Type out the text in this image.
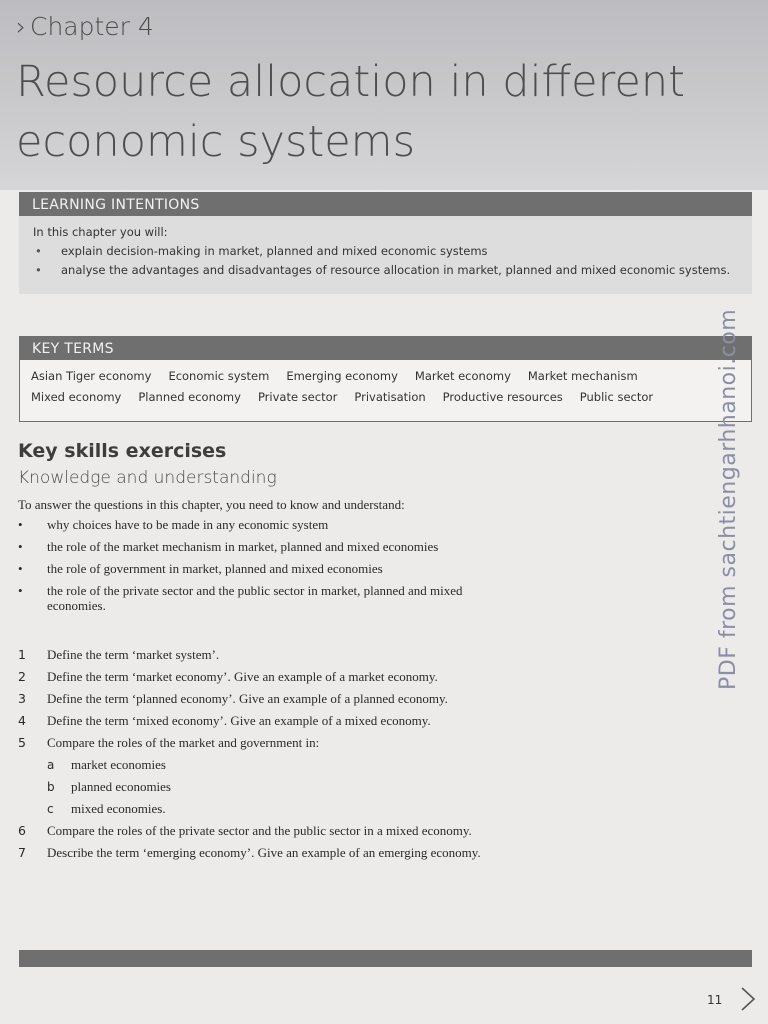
› Chapter 4
Resource allocation in different economic systems
LEARNING INTENTIONS
In this chapter you will:
• explain decision-making in market, planned and mixed economic systems
• analyse the advantages and disadvantages of resource allocation in market, planned and mixed economic systems.
KEY TERMS
Asian Tiger economy Economic system Emerging economy Market economy Market mechanism
Mixed economy Planned economy Private sector Privatisation Productive resources Public sector
Key skills exercises
Knowledge and understanding
To answer the questions in this chapter, you need to know and understand:
• why choices have to be made in any economic system
• the role of the market mechanism in market, planned and mixed economies
• the role of government in market, planned and mixed economies
• the role of the private sector and the public sector in market, planned and mixed economies.
1	Define the term ‘market system’.
2	Define the term ‘market economy’. Give an example of a market economy.
3	Define the term ‘planned economy’. Give an example of a planned economy.
4	Define the term ‘mixed economy’. Give an example of a mixed economy.
5	Compare the roles of the market and government in:
a	market economies
b	planned economies
c	mixed economies.
6	Compare the roles of the private sector and the public sector in a mixed economy.
7	Describe the term ‘emerging economy’. Give an example of an emerging economy.
PDF from sachtiengarhhanoi.com
11
